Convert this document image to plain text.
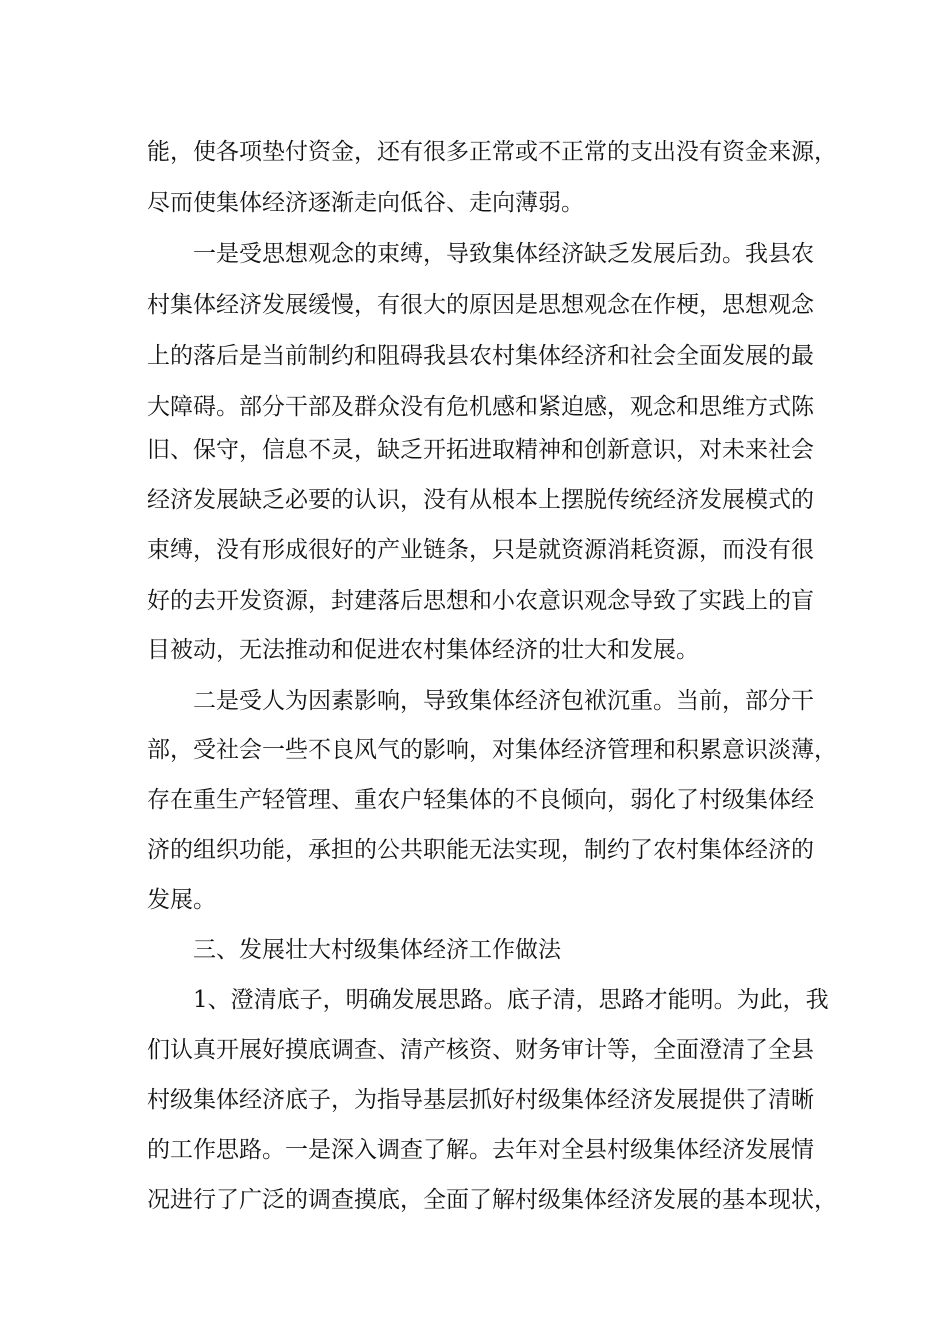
能，使各项垫付资金，还有很多正常或不正常的支出没有资金来源，
尽而使集体经济逐渐走向低谷、走向薄弱。
一是受思想观念的束缚，导致集体经济缺乏发展后劲。我县农
村集体经济发展缓慢，有很大的原因是思想观念在作梗，思想观念
上的落后是当前制约和阻碍我县农村集体经济和社会全面发展的最
大障碍。部分干部及群众没有危机感和紧迫感，观念和思维方式陈
旧、保守，信息不灵，缺乏开拓进取精神和创新意识，对未来社会
经济发展缺乏必要的认识，没有从根本上摆脱传统经济发展模式的
束缚，没有形成很好的产业链条，只是就资源消耗资源，而没有很
好的去开发资源，封建落后思想和小农意识观念导致了实践上的盲
目被动，无法推动和促进农村集体经济的壮大和发展。
二是受人为因素影响，导致集体经济包袱沉重。当前，部分干
部，受社会一些不良风气的影响，对集体经济管理和积累意识淡薄，
存在重生产轻管理、重农户轻集体的不良倾向，弱化了村级集体经
济的组织功能，承担的公共职能无法实现，制约了农村集体经济的
发展。
三、发展壮大村级集体经济工作做法
1、澄清底子，明确发展思路。底子清，思路才能明。为此，我
们认真开展好摸底调查、清产核资、财务审计等，全面澄清了全县
村级集体经济底子，为指导基层抓好村级集体经济发展提供了清晰
的工作思路。一是深入调查了解。去年对全县村级集体经济发展情
况进行了广泛的调查摸底，全面了解村级集体经济发展的基本现状，
